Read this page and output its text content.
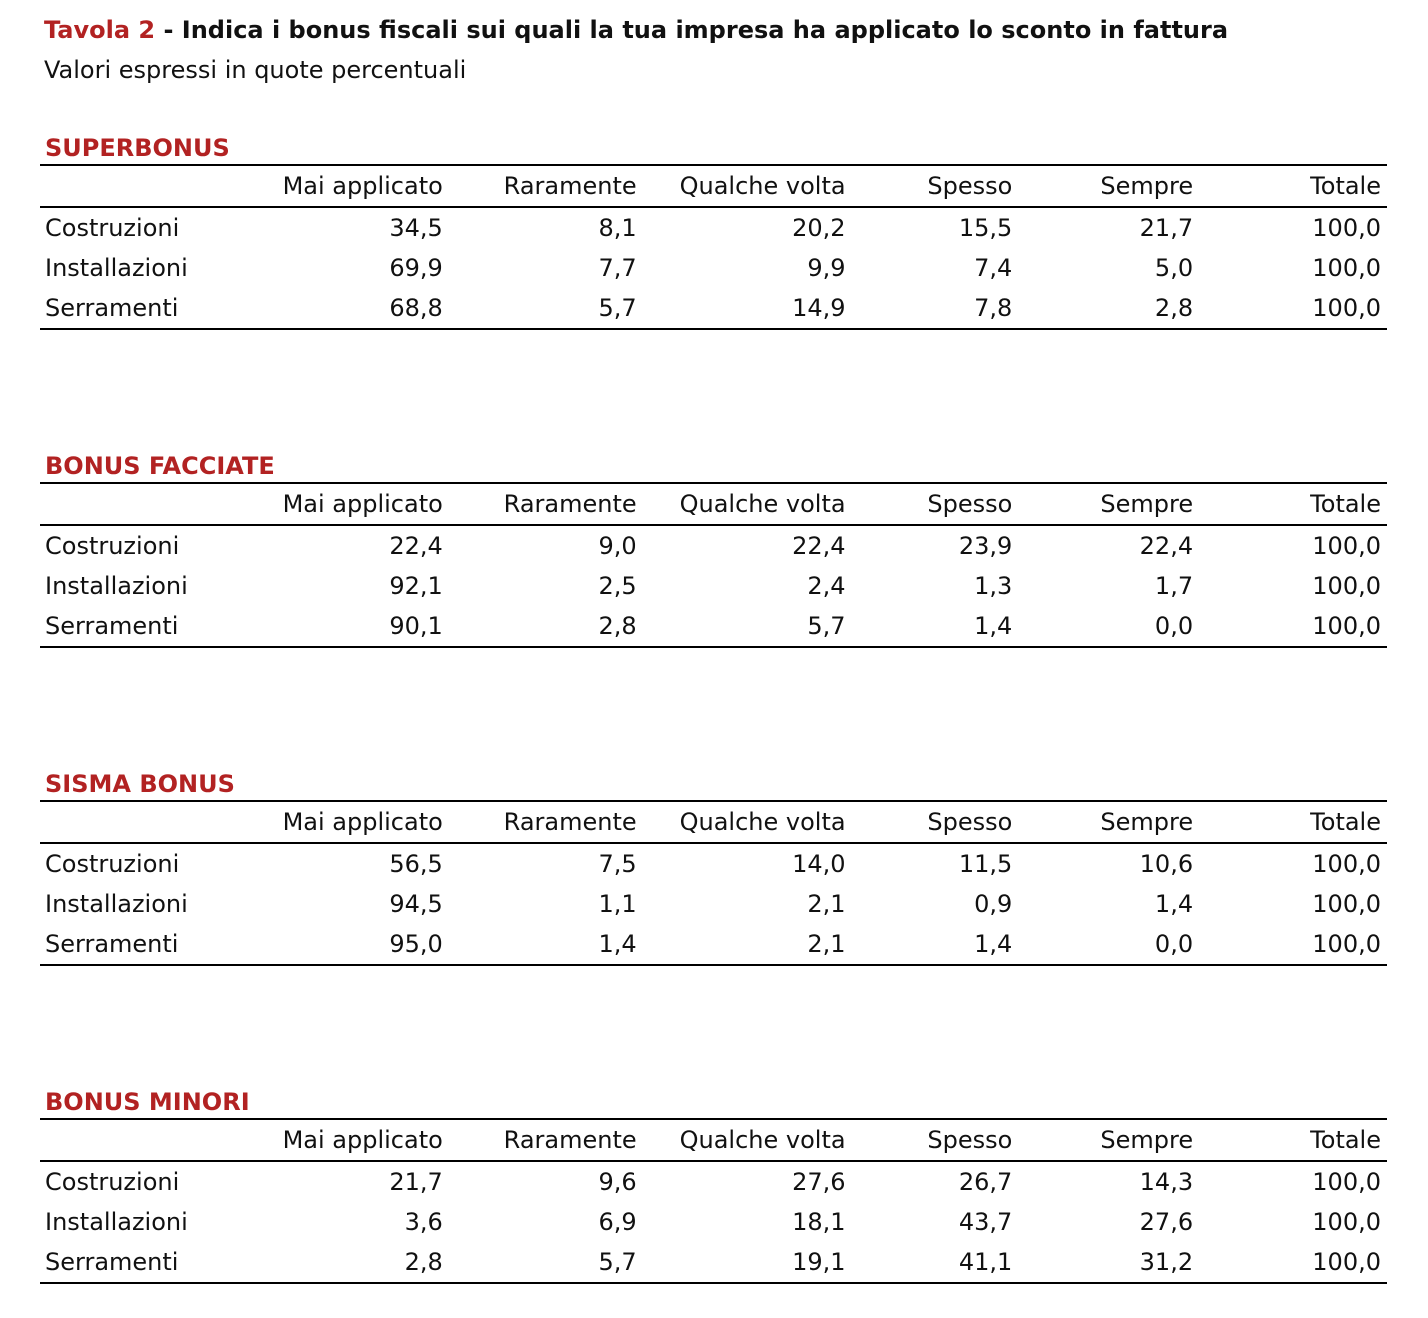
Tavola 2 - Indica i bonus fiscali sui quali la tua impresa ha applicato lo sconto in fattura
Valori espressi in quote percentuali
SUPERBONUS
	Mai applicato	Raramente	Qualche volta	Spesso	Sempre	Totale
Costruzioni	34,5	8,1	20,2	15,5	21,7	100,0
Installazioni	69,9	7,7	9,9	7,4	5,0	100,0
Serramenti	68,8	5,7	14,9	7,8	2,8	100,0
BONUS FACCIATE
	Mai applicato	Raramente	Qualche volta	Spesso	Sempre	Totale
Costruzioni	22,4	9,0	22,4	23,9	22,4	100,0
Installazioni	92,1	2,5	2,4	1,3	1,7	100,0
Serramenti	90,1	2,8	5,7	1,4	0,0	100,0
SISMA BONUS
	Mai applicato	Raramente	Qualche volta	Spesso	Sempre	Totale
Costruzioni	56,5	7,5	14,0	11,5	10,6	100,0
Installazioni	94,5	1,1	2,1	0,9	1,4	100,0
Serramenti	95,0	1,4	2,1	1,4	0,0	100,0
BONUS MINORI
	Mai applicato	Raramente	Qualche volta	Spesso	Sempre	Totale
Costruzioni	21,7	9,6	27,6	26,7	14,3	100,0
Installazioni	3,6	6,9	18,1	43,7	27,6	100,0
Serramenti	2,8	5,7	19,1	41,1	31,2	100,0
